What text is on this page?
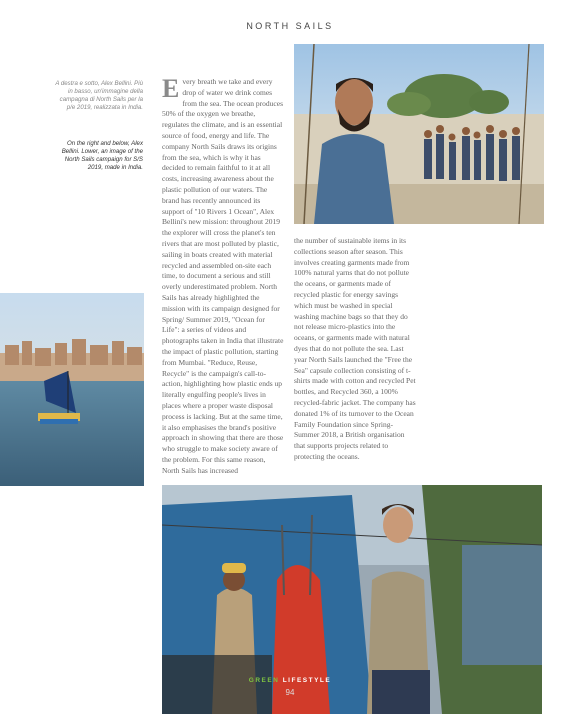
NORTH SAILS
A destra e sotto, Alex Bellini. Più in basso, un'immagine della campagna di North Sails per la p/e 2019, realizzata in India.
On the right and below, Alex Bellini. Lower, an image of the North Sails campaign for S/S 2019, made in India.

Every breath we take and every drop of water we drink comes from the sea. The ocean produces 50% of the oxygen we breathe, regulates the climate, and is an essential source of food, energy and life. The company North Sails draws its origins from the sea, which is why it has decided to remain faithful to it at all costs, increasing awareness about the plastic pollution of our waters. The brand has recently announced its support of "10 Rivers 1 Ocean", Alex Bellini's new mission: throughout 2019 the explorer will cross the planet's ten rivers that are most polluted by plastic, sailing in boats created with material recycled and assembled on-site each time, to document a serious and still overly underestimated problem. North Sails has already highlighted the mission with its campaign designed for Spring/ Summer 2019, "Ocean for Life": a series of videos and photographs taken in India that illustrate the impact of plastic pollution, starting from Mumbai. "Reduce, Reuse, Recycle" is the campaign's call-to-action, highlighting how plastic ends up literally engulfing people's lives in places where a proper waste disposal process is lacking. But at the same time, it also emphasises the brand's positive approach in showing that there are those who struggle to make society aware of the problem. For this same reason, North Sails has increased

the number of sustainable items in its collections season after season. This involves creating garments made from 100% natural yarns that do not pollute the oceans, or garments made of recycled plastic for energy savings which must be washed in special washing machine bags so that they do not release micro-plastics into the oceans, or garments made with natural dyes that do not pollute the sea. Last year North Sails launched the "Free the Sea" capsule collection consisting of t-shirts made with cotton and recycled Pet bottles, and Recycled 360, a 100% recycled-fabric jacket. The company has donated 1% of its turnover to the Ocean Family Foundation since Spring-Summer 2018, a British organisation that supports projects related to protecting the oceans.

GREEN LIFESTYLE
94
